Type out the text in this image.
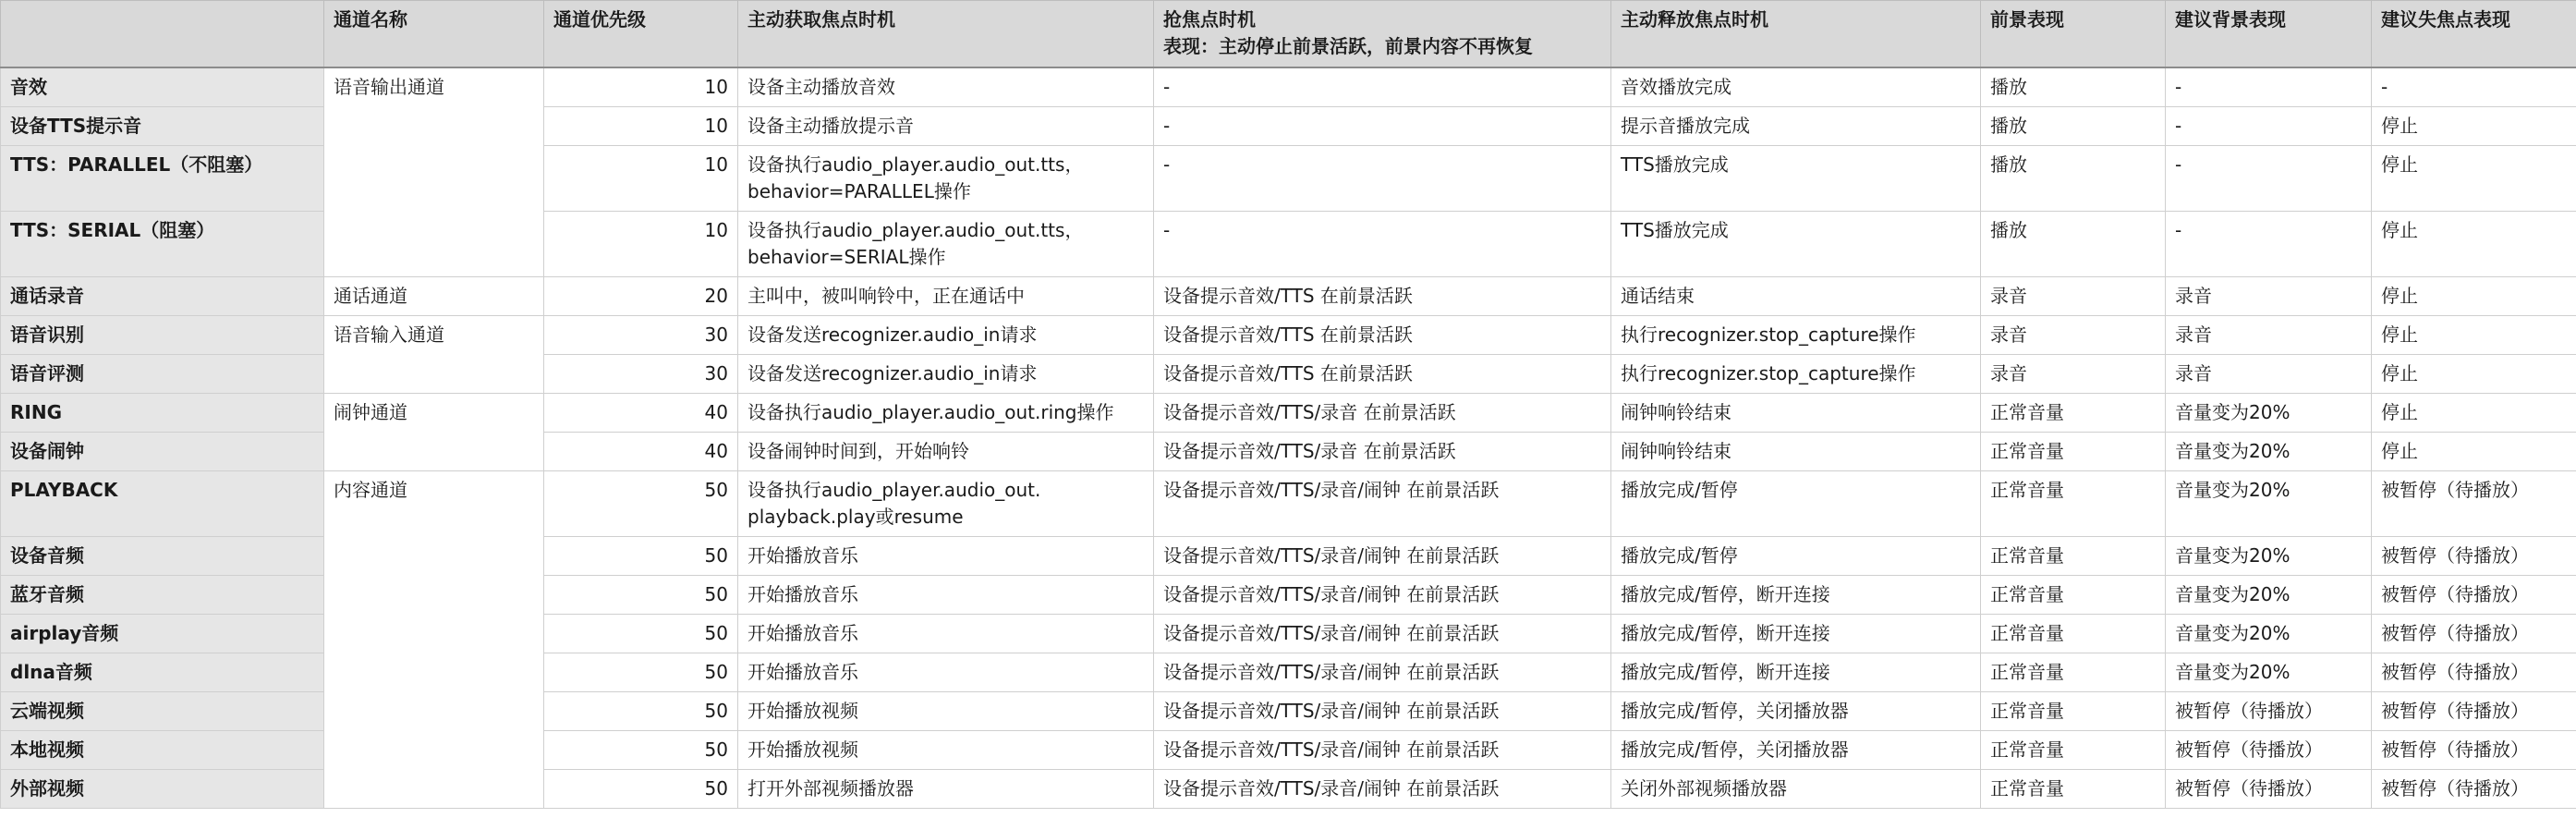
	通道名称	通道优先级	主动获取焦点时机	抢焦点时机
表现：主动停止前景活跃，前景内容不再恢复	主动释放焦点时机	前景表现	建议背景表现	建议失焦点表现
音效	语音输出通道	10	设备主动播放音效	-	音效播放完成	播放	-	-
设备TTS提示音		10	设备主动播放提示音	-	提示音播放完成	播放	-	停止
TTS：PARALLEL（不阻塞）		10	设备执行audio_player.audio_out.tts，
behavior=PARALLEL操作	-	TTS播放完成	播放	-	停止
TTS：SERIAL（阻塞）		10	设备执行audio_player.audio_out.tts，
behavior=SERIAL操作	-	TTS播放完成	播放	-	停止
通话录音	通话通道	20	主叫中，被叫响铃中，正在通话中	设备提示音效/TTS 在前景活跃	通话结束	录音	录音	停止
语音识别	语音输入通道	30	设备发送recognizer.audio_in请求	设备提示音效/TTS 在前景活跃	执行recognizer.stop_capture操作	录音	录音	停止
语音评测		30	设备发送recognizer.audio_in请求	设备提示音效/TTS 在前景活跃	执行recognizer.stop_capture操作	录音	录音	停止
RING	闹钟通道	40	设备执行audio_player.audio_out.ring操作	设备提示音效/TTS/录音 在前景活跃	闹钟响铃结束	正常音量	音量变为20%	停止
设备闹钟		40	设备闹钟时间到，开始响铃	设备提示音效/TTS/录音 在前景活跃	闹钟响铃结束	正常音量	音量变为20%	停止
PLAYBACK	内容通道	50	设备执行audio_player.audio_out.
playback.play或resume	设备提示音效/TTS/录音/闹钟 在前景活跃	播放完成/暂停	正常音量	音量变为20%	被暂停（待播放）
设备音频		50	开始播放音乐	设备提示音效/TTS/录音/闹钟 在前景活跃	播放完成/暂停	正常音量	音量变为20%	被暂停（待播放）
蓝牙音频		50	开始播放音乐	设备提示音效/TTS/录音/闹钟 在前景活跃	播放完成/暂停，断开连接	正常音量	音量变为20%	被暂停（待播放）
airplay音频		50	开始播放音乐	设备提示音效/TTS/录音/闹钟 在前景活跃	播放完成/暂停，断开连接	正常音量	音量变为20%	被暂停（待播放）
dlna音频		50	开始播放音乐	设备提示音效/TTS/录音/闹钟 在前景活跃	播放完成/暂停，断开连接	正常音量	音量变为20%	被暂停（待播放）
云端视频		50	开始播放视频	设备提示音效/TTS/录音/闹钟 在前景活跃	播放完成/暂停，关闭播放器	正常音量	被暂停（待播放）	被暂停（待播放）
本地视频		50	开始播放视频	设备提示音效/TTS/录音/闹钟 在前景活跃	播放完成/暂停，关闭播放器	正常音量	被暂停（待播放）	被暂停（待播放）
外部视频		50	打开外部视频播放器	设备提示音效/TTS/录音/闹钟 在前景活跃	关闭外部视频播放器	正常音量	被暂停（待播放）	被暂停（待播放）
